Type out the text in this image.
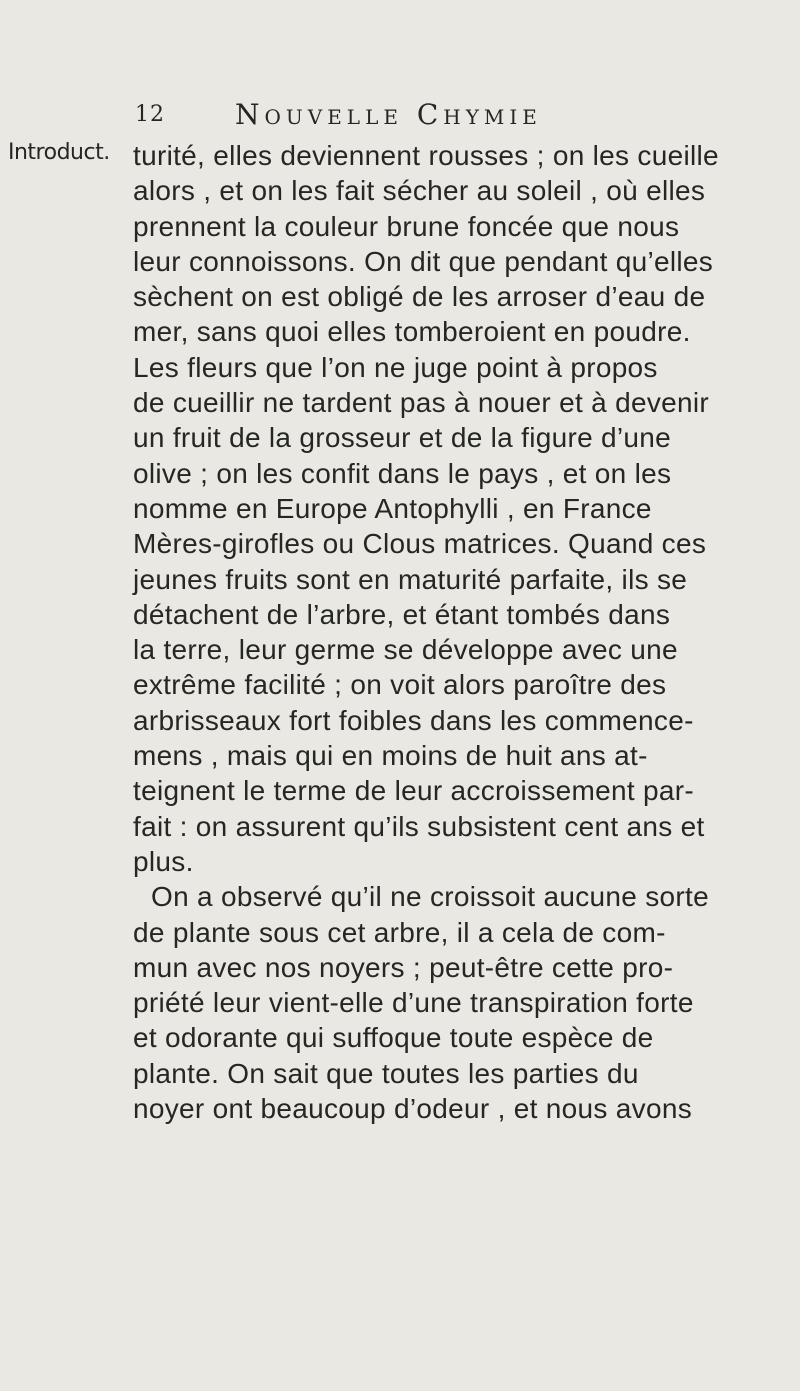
12	Nouvelle Chymie
Introduct. turité, elles deviennent rousses ; on les cueille
alors , et on les fait sécher au soleil , où elles
prennent la couleur brune foncée que nous
leur connoissons. On dit que pendant qu’elles
sèchent on est obligé de les arroser d’eau de
mer, sans quoi elles tomberoient en poudre.
Les fleurs que l’on ne juge point à propos
de cueillir ne tardent pas à nouer et à devenir
un fruit de la grosseur et de la figure d’une
olive ; on les confit dans le pays , et on les
nomme en Europe Antophylli , en France
Mères-girofles ou Clous matrices. Quand ces
jeunes fruits sont en maturité parfaite, ils se
détachent de l’arbre, et étant tombés dans
la terre, leur germe se développe avec une
extrême facilité ; on voit alors paroître des
arbrisseaux fort foibles dans les commence-
mens , mais qui en moins de huit ans at-
teignent le terme de leur accroissement par-
fait : on assurent qu’ils subsistent cent ans et
plus.
On a observé qu’il ne croissoit aucune sorte
de plante sous cet arbre, il a cela de com-
mun avec nos noyers ; peut-être cette pro-
priété leur vient-elle d’une transpiration forte
et odorante qui suffoque toute espèce de
plante. On sait que toutes les parties du
noyer ont beaucoup d’odeur , et nous avons
